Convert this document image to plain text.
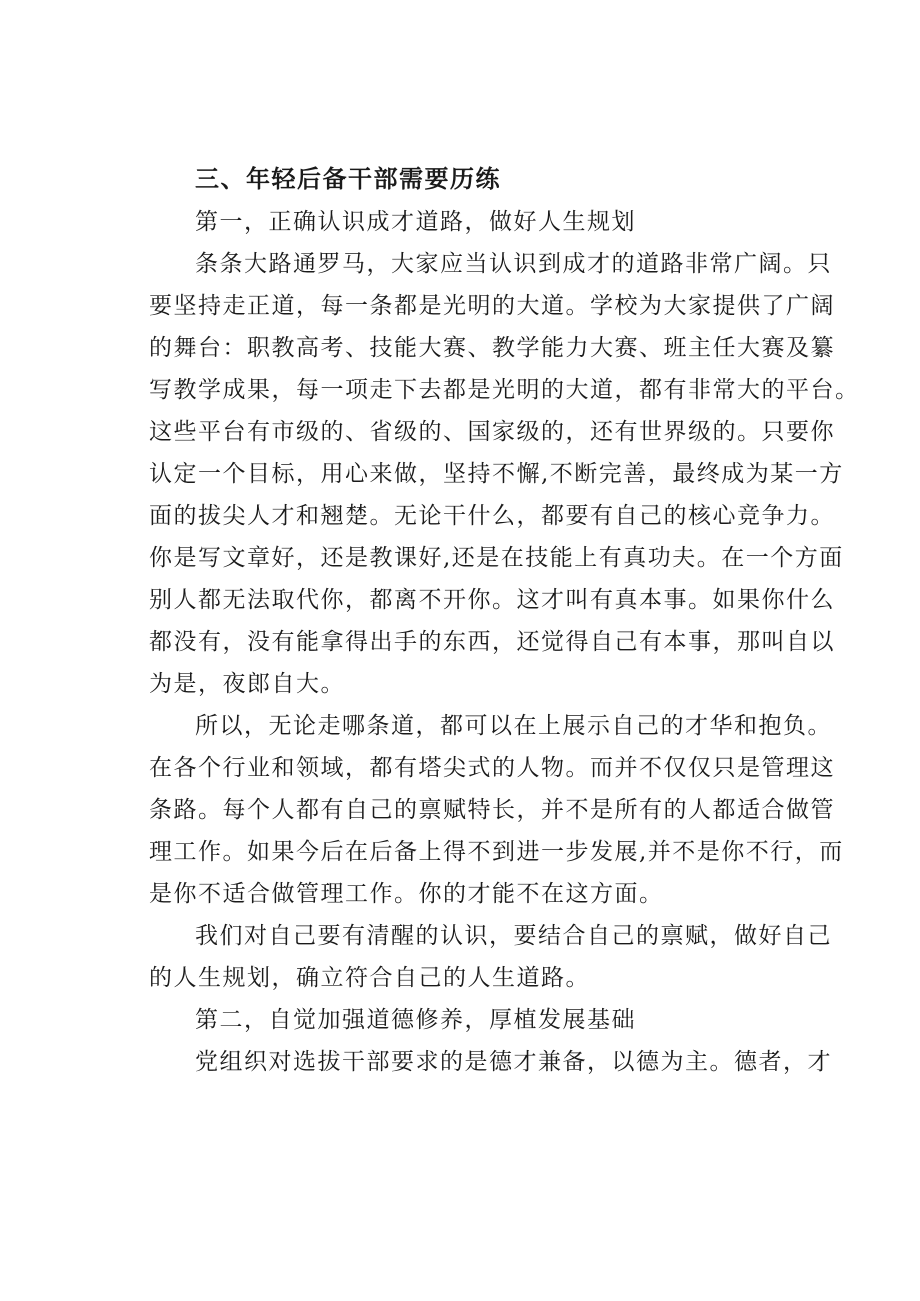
三、年轻后备干部需要历练
第一，正确认识成才道路，做好人生规划
条条大路通罗马，大家应当认识到成才的道路非常广阔。只
要坚持走正道，每一条都是光明的大道。学校为大家提供了广阔
的舞台：职教高考、技能大赛、教学能力大赛、班主任大赛及纂
写教学成果，每一项走下去都是光明的大道，都有非常大的平台。
这些平台有市级的、省级的、国家级的，还有世界级的。只要你
认定一个目标，用心来做，坚持不懈,不断完善，最终成为某一方
面的拔尖人才和翘楚。无论干什么，都要有自己的核心竞争力。
你是写文章好，还是教课好,还是在技能上有真功夫。在一个方面
别人都无法取代你，都离不开你。这才叫有真本事。如果你什么
都没有，没有能拿得出手的东西，还觉得自己有本事，那叫自以
为是，夜郎自大。
所以，无论走哪条道，都可以在上展示自己的才华和抱负。
在各个行业和领域，都有塔尖式的人物。而并不仅仅只是管理这
条路。每个人都有自己的禀赋特长，并不是所有的人都适合做管
理工作。如果今后在后备上得不到进一步发展,并不是你不行，而
是你不适合做管理工作。你的才能不在这方面。
我们对自己要有清醒的认识，要结合自己的禀赋，做好自己
的人生规划，确立符合自己的人生道路。
第二，自觉加强道德修养，厚植发展基础
党组织对选拔干部要求的是德才兼备，以德为主。德者，才
